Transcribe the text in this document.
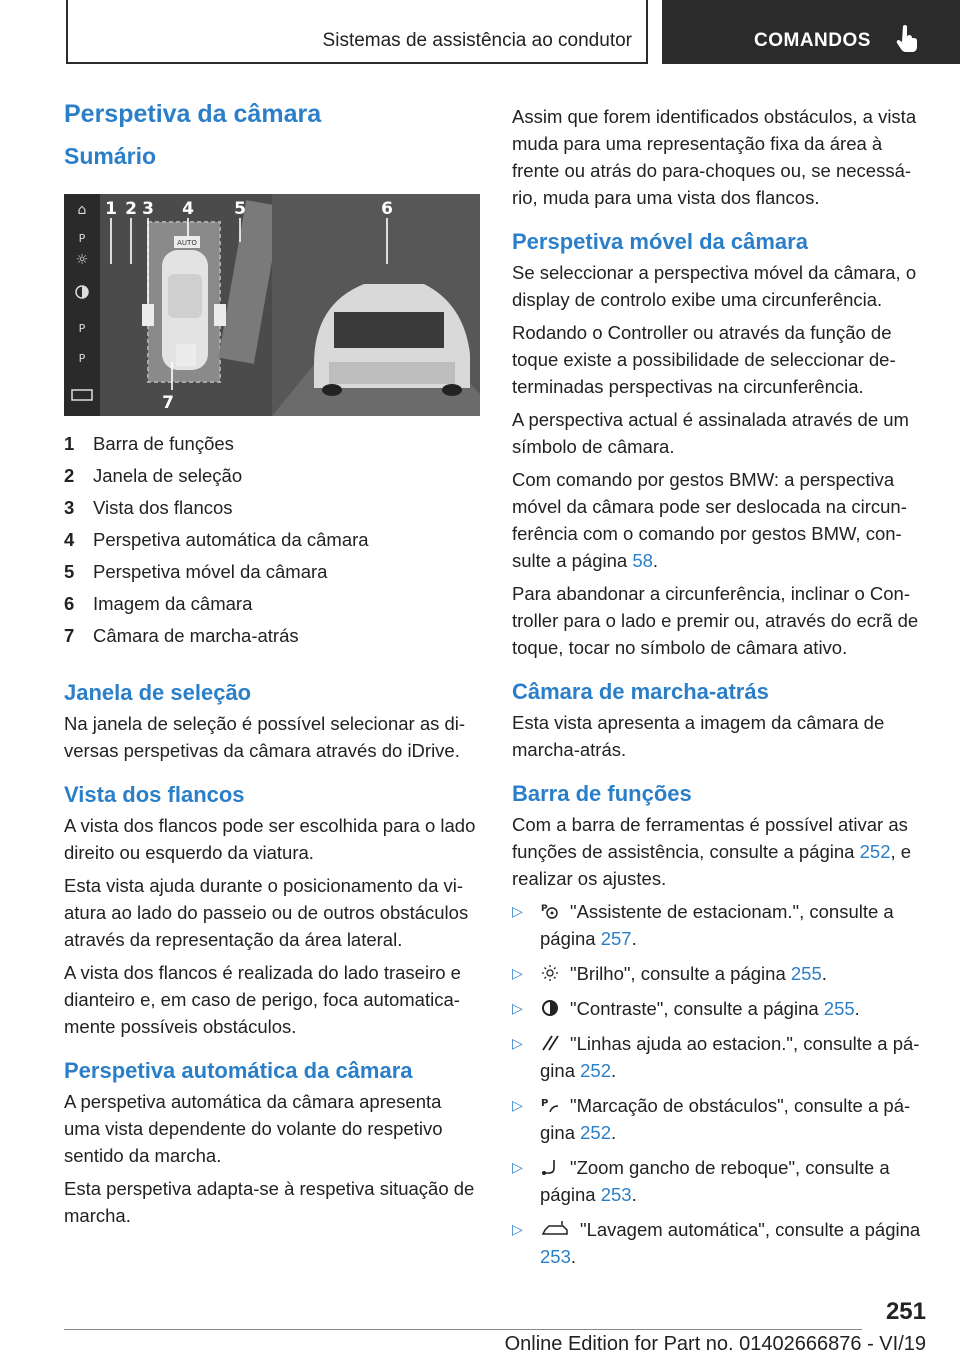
Sistemas de assistência ao condutor	COMANDOS
Perspetiva da câmara
Sumário
⌂
☼
P
P
P
AUTO
1 2 3 4 5	6
7
1 Barra de funções
2 Janela de seleção
3 Vista dos flancos
4 Perspetiva automática da câmara
5 Perspetiva móvel da câmara
6 Imagem da câmara
7 Câmara de marcha-atrás
Janela de seleção

Na janela de seleção é possível selecionar as diversas perspetivas da câmara através do iDrive.

Vista dos flancos

A vista dos flancos pode ser escolhida para o lado direito ou esquerdo da viatura.

Esta vista ajuda durante o posicionamento da viatura ao lado do passeio ou de outros obstáculos através da representação da área lateral.

A vista dos flancos é realizada do lado traseiro e dianteiro e, em caso de perigo, foca automaticamente possíveis obstáculos.

Perspetiva automática da câmara

A perspetiva automática da câmara apresenta uma vista dependente do volante do respetivo sentido da marcha.

Esta perspetiva adapta-se à respetiva situação de marcha.

Assim que forem identificados obstáculos, a vista muda para uma representação fixa da área à frente ou atrás do para-choques ou, se necessário, muda para uma vista dos flancos.

Perspetiva móvel da câmara

Se seleccionar a perspectiva móvel da câmara, o display de controlo exibe uma circunferência.

Rodando o Controller ou através da função de toque existe a possibilidade de seleccionar determinadas perspectivas na circunferência.

A perspectiva actual é assinalada através de um símbolo de câmara.

Com comando por gestos BMW: a perspectiva móvel da câmara pode ser deslocada na circunferência com o comando por gestos BMW, consulte a página 58.

Para abandonar a circunferência, inclinar o Controller para o lado e premir ou, através do ecrã de toque, tocar no símbolo de câmara ativo.

Câmara de marcha-atrás

Esta vista apresenta a imagem da câmara de marcha-atrás.

Barra de funções

Com a barra de ferramentas é possível ativar as funções de assistência, consulte a página 252, e realizar os ajustes.

▷ P "Assistente de estacionam.", consulte a página 257.
▷	"Brilho", consulte a página 255.
▷	"Contraste", consulte a página 255.
▷	"Linhas ajuda ao estacion.", consulte a página 252.
▷ P "Marcação de obstáculos", consulte a página 252.
▷	"Zoom gancho de reboque", consulte a página 253.
▷	"Lavagem automática", consulte a página 253.
251
Online Edition for Part no. 01402666876 - VI/19
